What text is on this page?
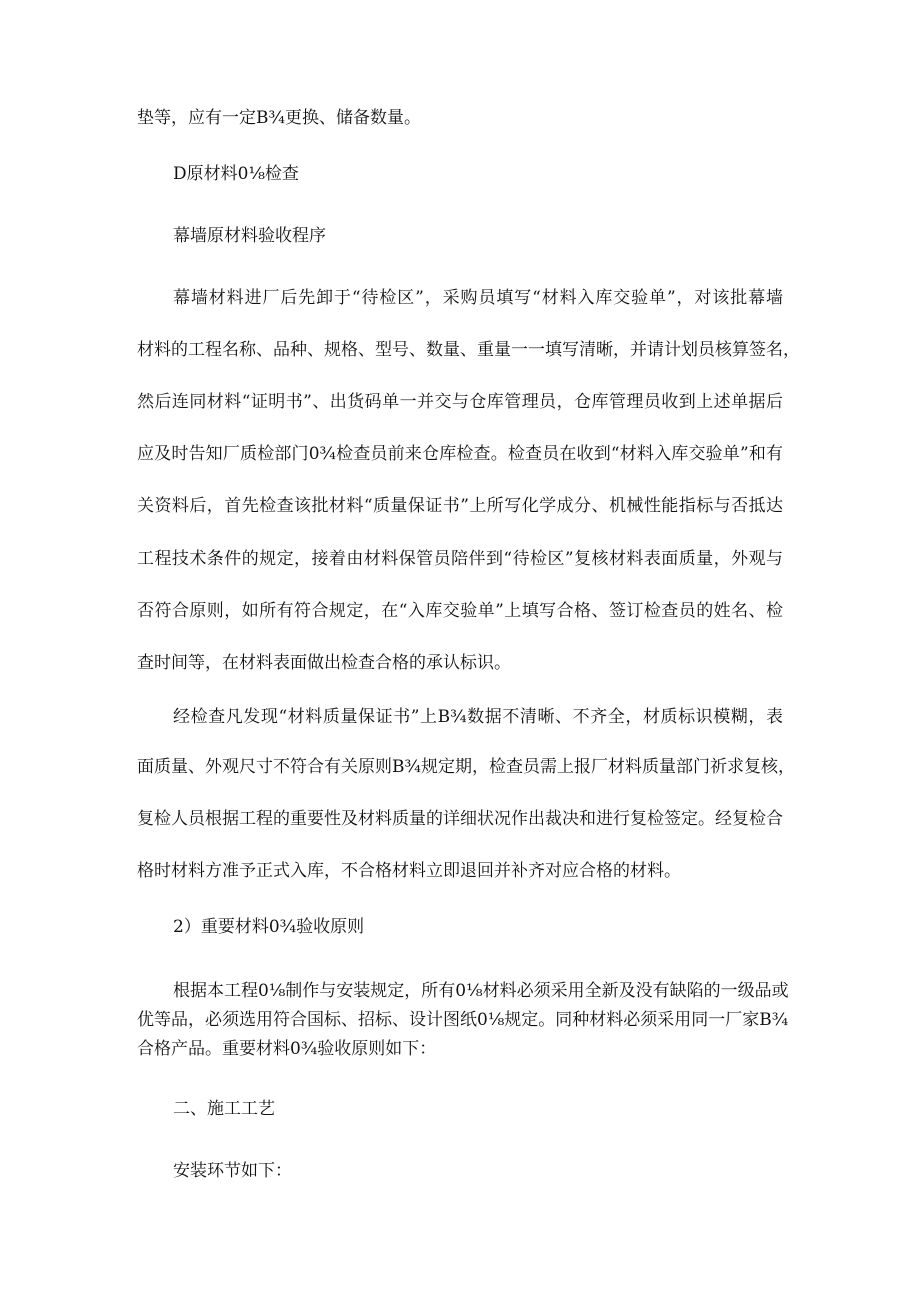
垫等，应有一定B¾更换、储备数量。
D原材料0⅛检查
幕墙原材料验收程序
幕墙材料进厂后先卸于“待检区”，采购员填写“材料入库交验单”，对该批幕墙
材料的工程名称、品种、规格、型号、数量、重量一一填写清晰，并请计划员核算签名，
然后连同材料“证明书”、出货码单一并交与仓库管理员，仓库管理员收到上述单据后
应及时告知厂质检部门0¾检查员前来仓库检查。检查员在收到“材料入库交验单”和有
关资料后，首先检查该批材料“质量保证书”上所写化学成分、机械性能指标与否抵达
工程技术条件的规定，接着由材料保管员陪伴到“待检区”复核材料表面质量，外观与
否符合原则，如所有符合规定，在“入库交验单”上填写合格、签订检查员的姓名、检
查时间等，在材料表面做出检查合格的承认标识。
经检查凡发现“材料质量保证书”上B¾数据不清晰、不齐全，材质标识模糊，表
面质量、外观尺寸不符合有关原则B¾规定期，检查员需上报厂材料质量部门祈求复核，
复检人员根据工程的重要性及材料质量的详细状况作出裁决和进行复检签定。经复检合
格时材料方准予正式入库，不合格材料立即退回并补齐对应合格的材料。
2）重要材料0¾验收原则
根据本工程0⅛制作与安装规定，所有0⅛材料必须采用全新及没有缺陷的一级品或
优等品，必须选用符合国标、招标、设计图纸0⅛规定。同种材料必须采用同一厂家B¾
合格产品。重要材料0¾验收原则如下：
二、施工工艺
安装环节如下：
